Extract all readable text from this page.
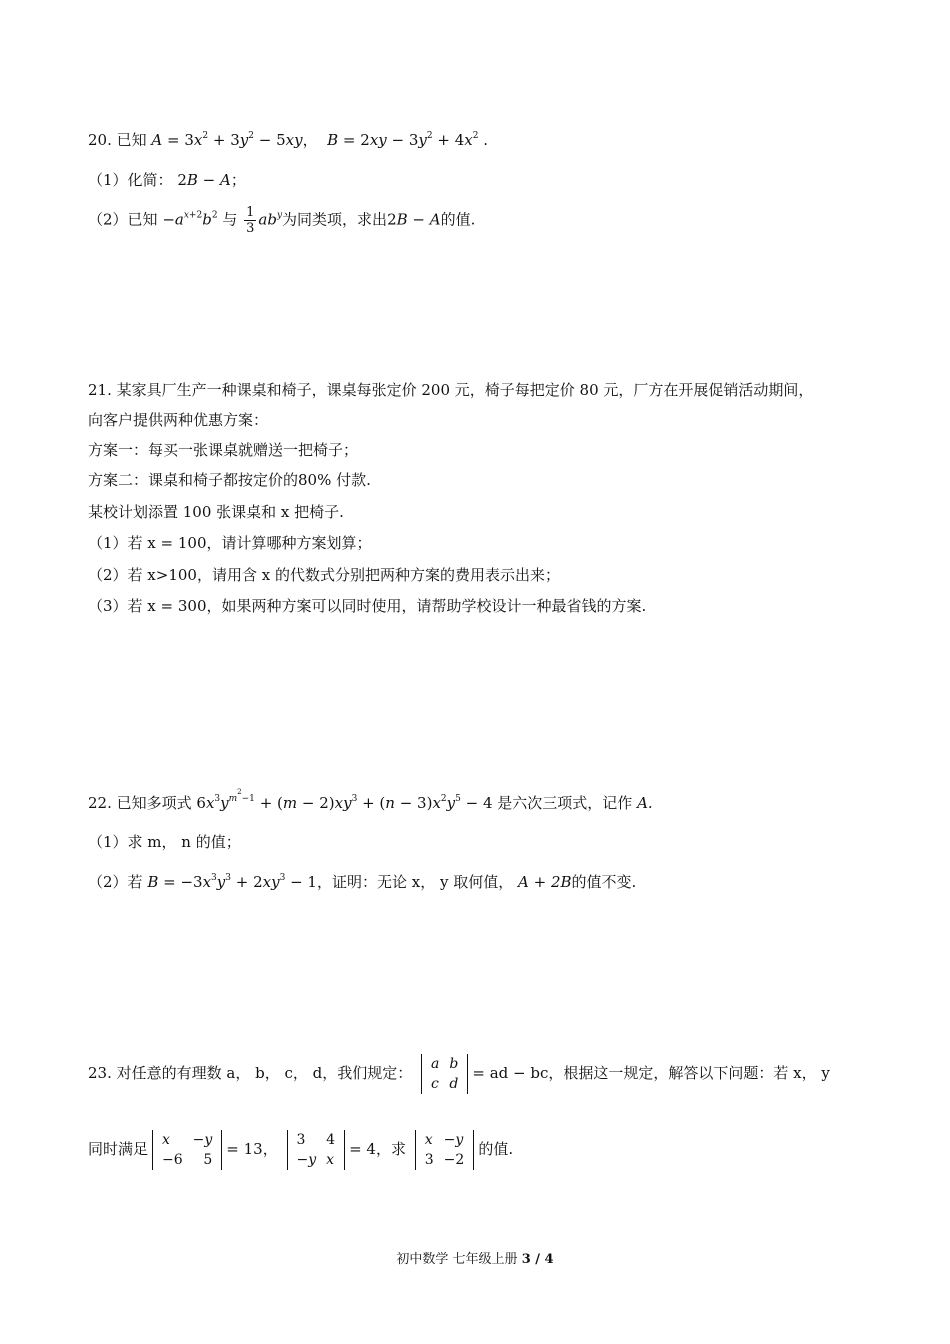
20. 已知 $A = 3x^2 + 3y^2 - 5xy$，  $B = 2xy - 3y^2 + 4x^2$ .
（1）化简： 2B − A；
（2）已知 $-a^{x+2}b^2$ 与 $\frac{1}{3} ab^y$为同类项，求出2B − A的值.
21. 某家具厂生产一种课桌和椅子，课桌每张定价 200 元，椅子每把定价 80 元，厂方在开展促销活动期间，
向客户提供两种优惠方案：
方案一：每买一张课桌就赠送一把椅子；
方案二：课桌和椅子都按定价的80% 付款.
某校计划添置 100 张课桌和 x 把椅子.
（1）若 x = 100，请计算哪种方案划算；
（2）若 x>100，请用含 x 的代数式分别把两种方案的费用表示出来；
（3）若 x = 300，如果两种方案可以同时使用，请帮助学校设计一种最省钱的方案.
22. 已知多项式 $6x^3y^{m^2-1} + (m - 2)xy^3 + (n - 3)x^2y^5 - 4$ 是六次三项式，记作 A.
（1）求 m， n 的值；
（2）若 $B = -3x^3y^3 + 2xy^3 - 1$，证明：无论 x， y 取何值， A + 2B的值不变.
23. 对任意的有理数 a， b， c， d，我们规定： a	b
c	d
= ad − bc，根据这一规定，解答以下问题：若 x， y
同时满足 x	−y
−6	5
= 13， 3	4
−y	x
= 4，求 x	−y
3	−2
的值.
初中数学 七年级上册 3 / 4
